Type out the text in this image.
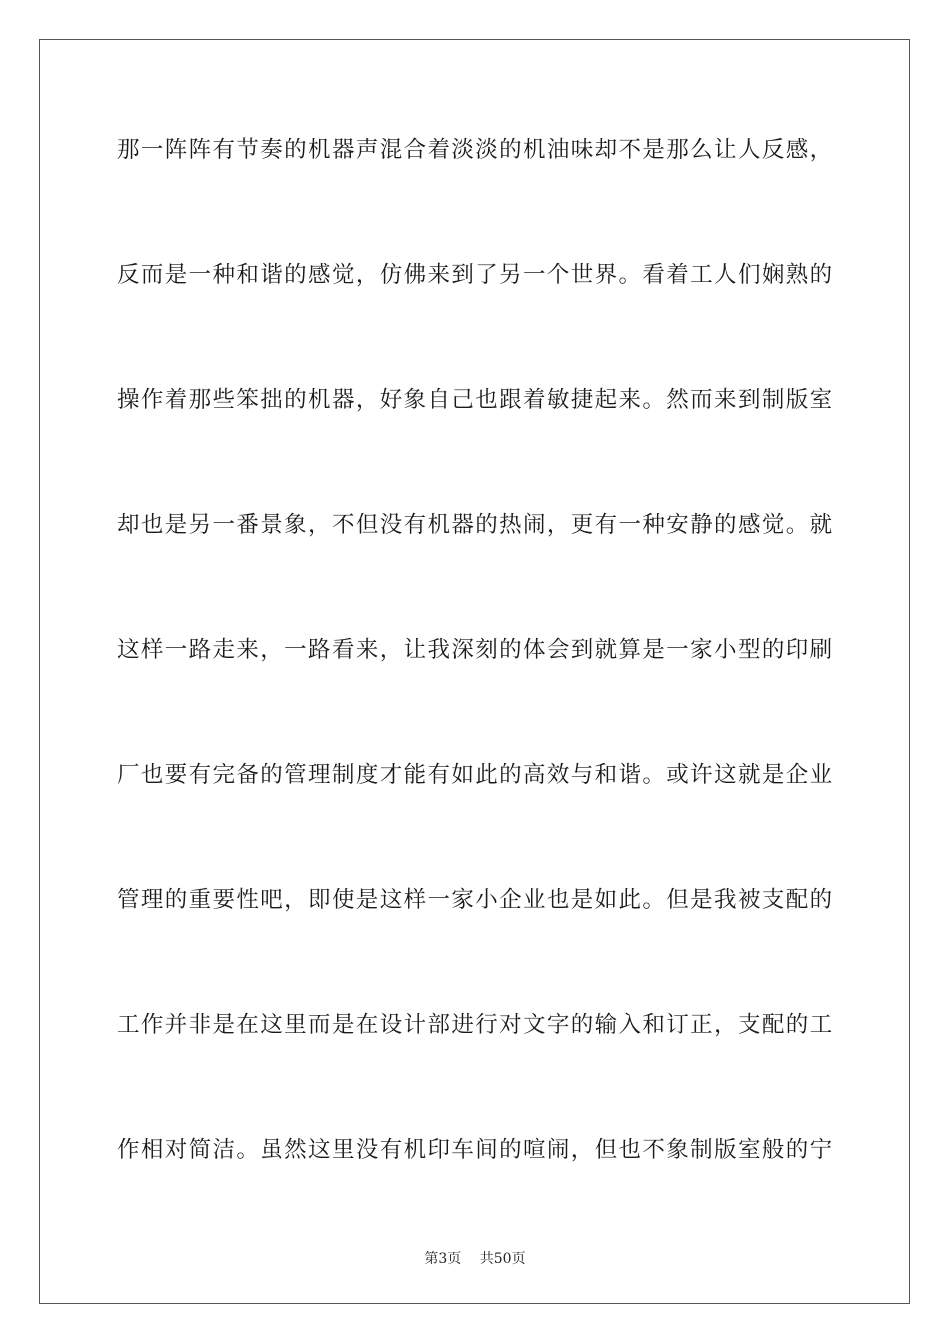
那一阵阵有节奏的机器声混合着淡淡的机油味却不是那么让人反感，
反而是一种和谐的感觉，仿佛来到了另一个世界。看着工人们娴熟的
操作着那些笨拙的机器，好象自己也跟着敏捷起来。然而来到制版室
却也是另一番景象，不但没有机器的热闹，更有一种安静的感觉。就
这样一路走来，一路看来，让我深刻的体会到就算是一家小型的印刷
厂也要有完备的管理制度才能有如此的高效与和谐。或许这就是企业
管理的重要性吧，即使是这样一家小企业也是如此。但是我被支配的
工作并非是在这里而是在设计部进行对文字的输入和订正，支配的工
作相对简洁。虽然这里没有机印车间的喧闹，但也不象制版室般的宁
第3页 共50页
